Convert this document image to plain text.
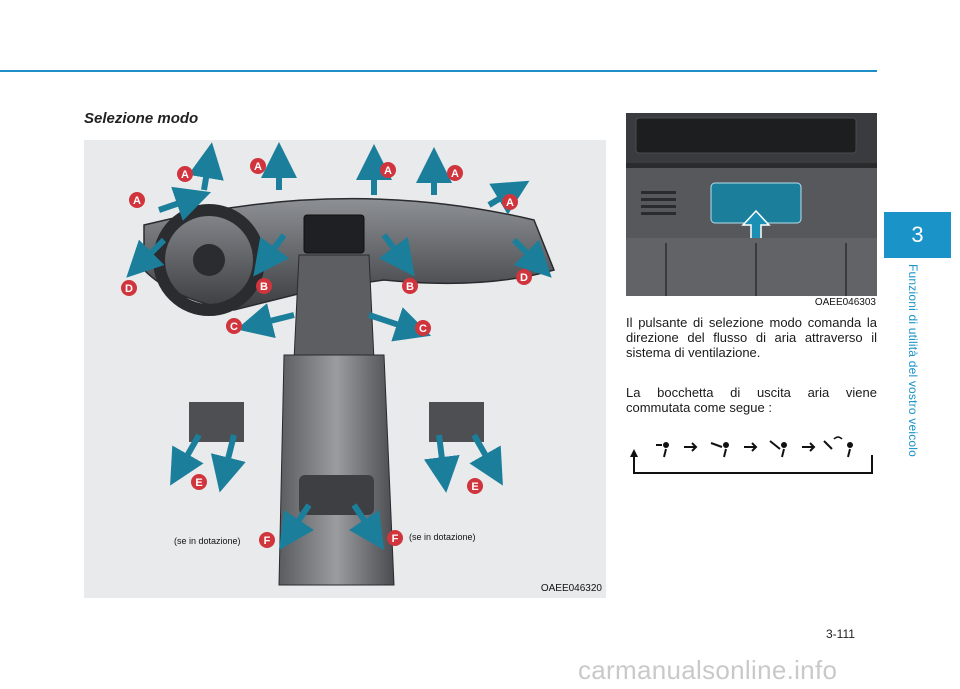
Selezione modo
A
A	A	A
A	A
B	B
C	C
D
D
E	E
F	F
(se in dotazione)	(se in dotazione)
OAEE046320
OAEE046303

Il pulsante di selezione modo comanda la direzione del flusso di aria attraverso il sistema di ventilazione.

La bocchetta di uscita aria viene commutata come segue :

3
Funzioni di utilità del vostro veicolo
3-111
carmanualsonline.info
